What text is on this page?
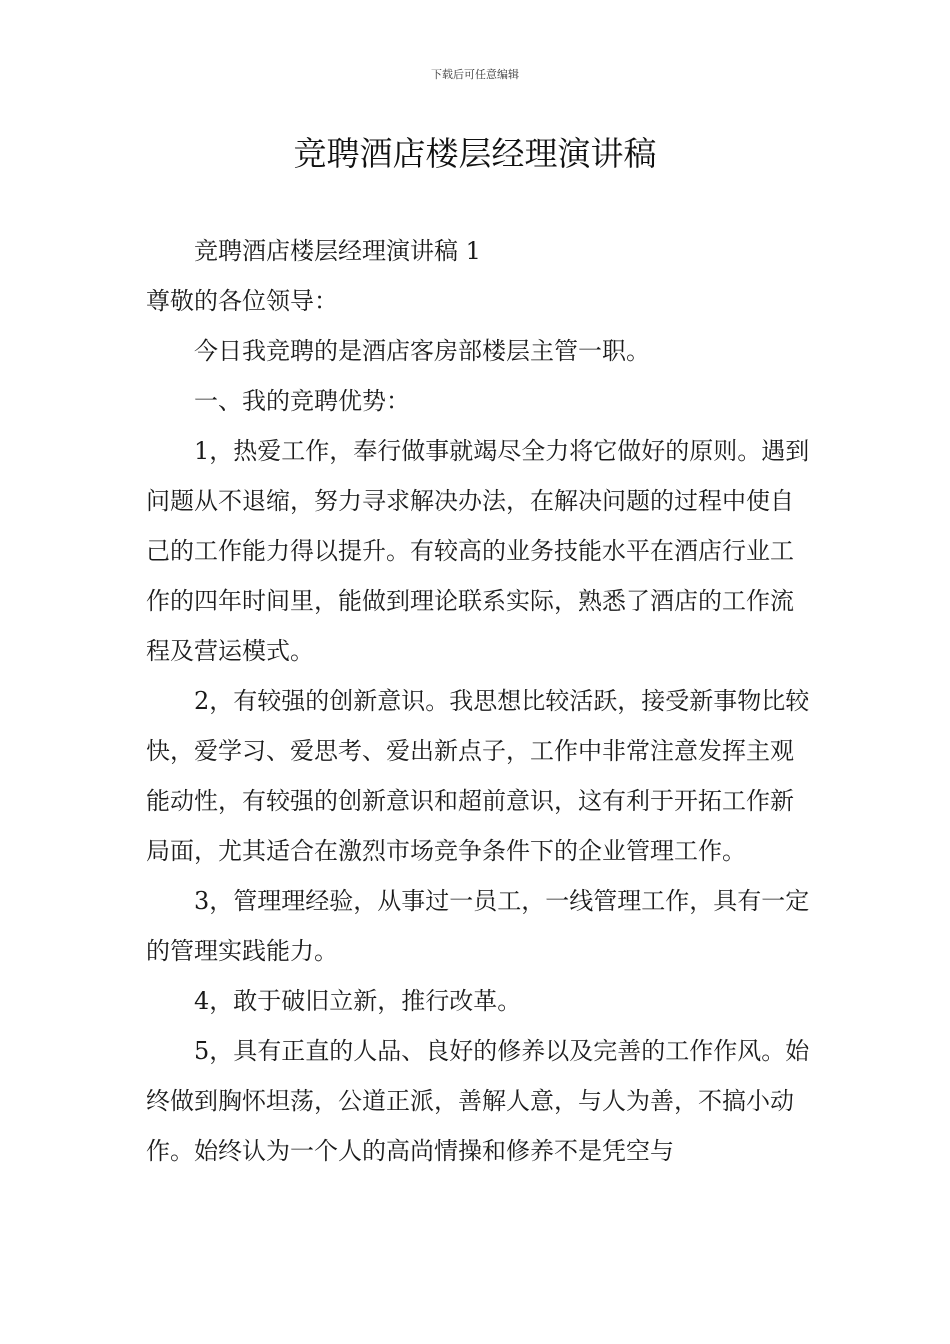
下载后可任意编辑
竞聘酒店楼层经理演讲稿

竞聘酒店楼层经理演讲稿 1

尊敬的各位领导：

今日我竞聘的是酒店客房部楼层主管一职。

一、我的竞聘优势：

1，热爱工作，奉行做事就竭尽全力将它做好的原则。遇到问题从不退缩，努力寻求解决办法，在解决问题的过程中使自己的工作能力得以提升。有较高的业务技能水平在酒店行业工作的四年时间里，能做到理论联系实际，熟悉了酒店的工作流程及营运模式。

2，有较强的创新意识。我思想比较活跃，接受新事物比较快，爱学习、爱思考、爱出新点子，工作中非常注意发挥主观能动性，有较强的创新意识和超前意识，这有利于开拓工作新局面，尤其适合在激烈市场竞争条件下的企业管理工作。

3，管理理经验，从事过一员工，一线管理工作，具有一定的管理实践能力。

4，敢于破旧立新，推行改革。

5，具有正直的人品、良好的修养以及完善的工作作风。始终做到胸怀坦荡，公道正派，善解人意，与人为善，不搞小动作。始终认为一个人的高尚情操和修养不是凭空与
